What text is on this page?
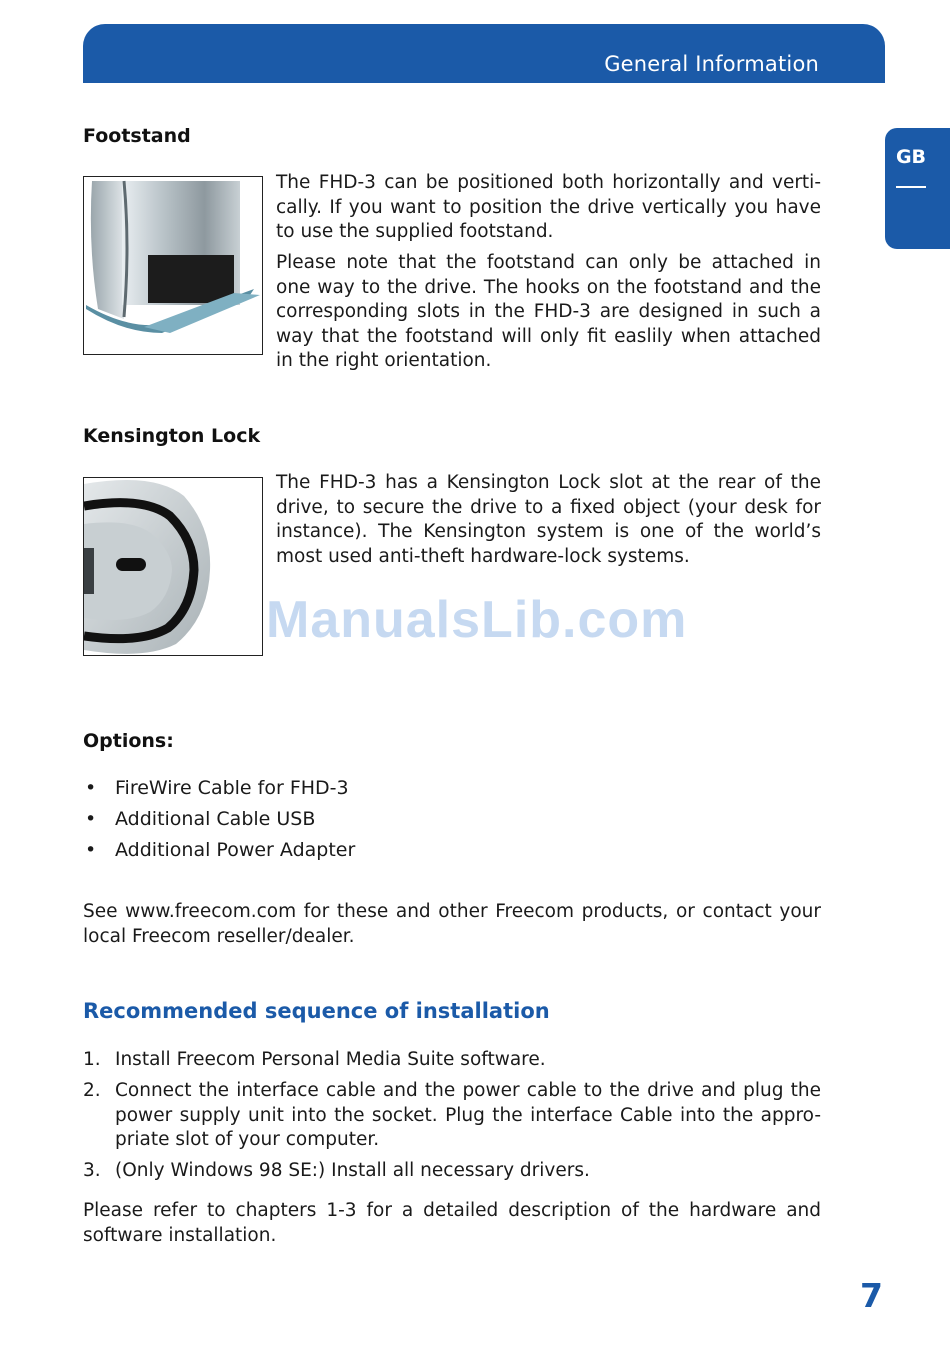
General Information
GB
Footstand

The FHD-3 can be positioned both horizontally and verti-cally. If you want to position the drive vertically you have to use the supplied footstand.

Please note that the footstand can only be attached in one way to the drive. The hooks on the footstand and the corresponding slots in the FHD-3 are designed in such a way that the footstand will only fit easlily when attached in the right orientation.

Kensington Lock

The FHD-3 has a Kensington Lock slot at the rear of the drive, to secure the drive to a fixed object (your desk for instance). The Kensington system is one of the world’s most used anti-theft hardware-lock systems.

ManualsLib.com
Options:
• FireWire Cable for FHD-3
• Additional Cable USB
• Additional Power Adapter

See www.freecom.com for these and other Freecom products, or contact your local Freecom reseller/dealer.

Recommended sequence of installation
1. Install Freecom Personal Media Suite software.
2. Connect the interface cable and the power cable to the drive and plug the power supply unit into the socket. Plug the interface Cable into the appro-priate slot of your computer.
3. (Only Windows 98 SE:) Install all necessary drivers.

Please refer to chapters 1-3 for a detailed description of the hardware and software installation.

7
